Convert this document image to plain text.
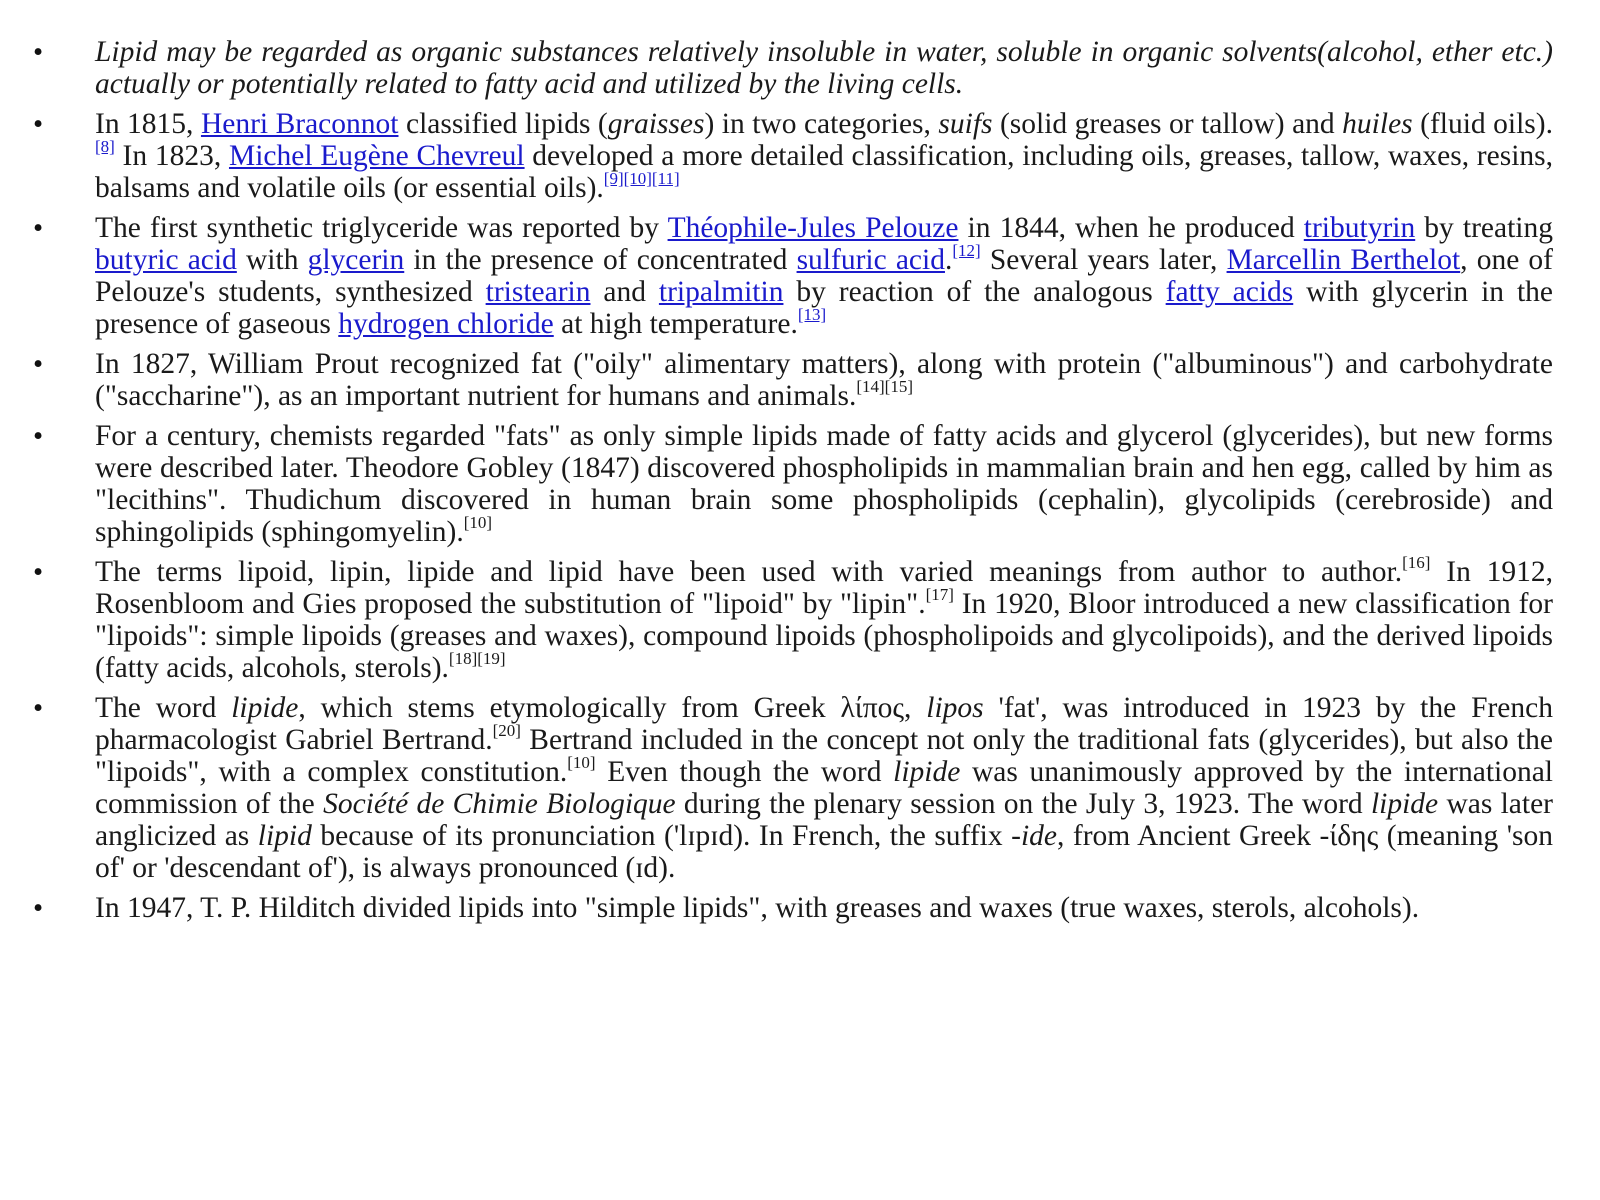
• Lipid may be regarded as organic substances relatively insoluble in water, soluble in organic solvents(alcohol, ether etc.) actually or potentially related to fatty acid and utilized by the living cells.
• In 1815, Henri Braconnot classified lipids (graisses) in two categories, suifs (solid greases or tallow) and huiles (fluid oils).[8] In 1823, Michel Eugène Chevreul developed a more detailed classification, including oils, greases, tallow, waxes, resins, balsams and volatile oils (or essential oils).[9][10][11]
• The first synthetic triglyceride was reported by Théophile-Jules Pelouze in 1844, when he produced tributyrin by treating butyric acid with glycerin in the presence of concentrated sulfuric acid.[12] Several years later, Marcellin Berthelot, one of Pelouze's students, synthesized tristearin and tripalmitin by reaction of the analogous fatty acids with glycerin in the presence of gaseous hydrogen chloride at high temperature.[13]
• In 1827, William Prout recognized fat ("oily" alimentary matters), along with protein ("albuminous") and carbohydrate ("saccharine"), as an important nutrient for humans and animals.[14][15]
• For a century, chemists regarded "fats" as only simple lipids made of fatty acids and glycerol (glycerides), but new forms were described later. Theodore Gobley (1847) discovered phospholipids in mammalian brain and hen egg, called by him as "lecithins". Thudichum discovered in human brain some phospholipids (cephalin), glycolipids (cerebroside) and sphingolipids (sphingomyelin).[10]
• The terms lipoid, lipin, lipide and lipid have been used with varied meanings from author to author.[16] In 1912, Rosenbloom and Gies proposed the substitution of "lipoid" by "lipin".[17] In 1920, Bloor introduced a new classification for "lipoids": simple lipoids (greases and waxes), compound lipoids (phospholipoids and glycolipoids), and the derived lipoids (fatty acids, alcohols, sterols).[18][19]
• The word lipide, which stems etymologically from Greek λίπος, lipos 'fat', was introduced in 1923 by the French pharmacologist Gabriel Bertrand.[20] Bertrand included in the concept not only the traditional fats (glycerides), but also the "lipoids", with a complex constitution.[10] Even though the word lipide was unanimously approved by the international commission of the Société de Chimie Biologique during the plenary session on the July 3, 1923. The word lipide was later anglicized as lipid because of its pronunciation ('lɪpɪd). In French, the suffix -ide, from Ancient Greek -ίδης (meaning 'son of' or 'descendant of'), is always pronounced (ɪd).
• In 1947, T. P. Hilditch divided lipids into "simple lipids", with greases and waxes (true waxes, sterols, alcohols).
